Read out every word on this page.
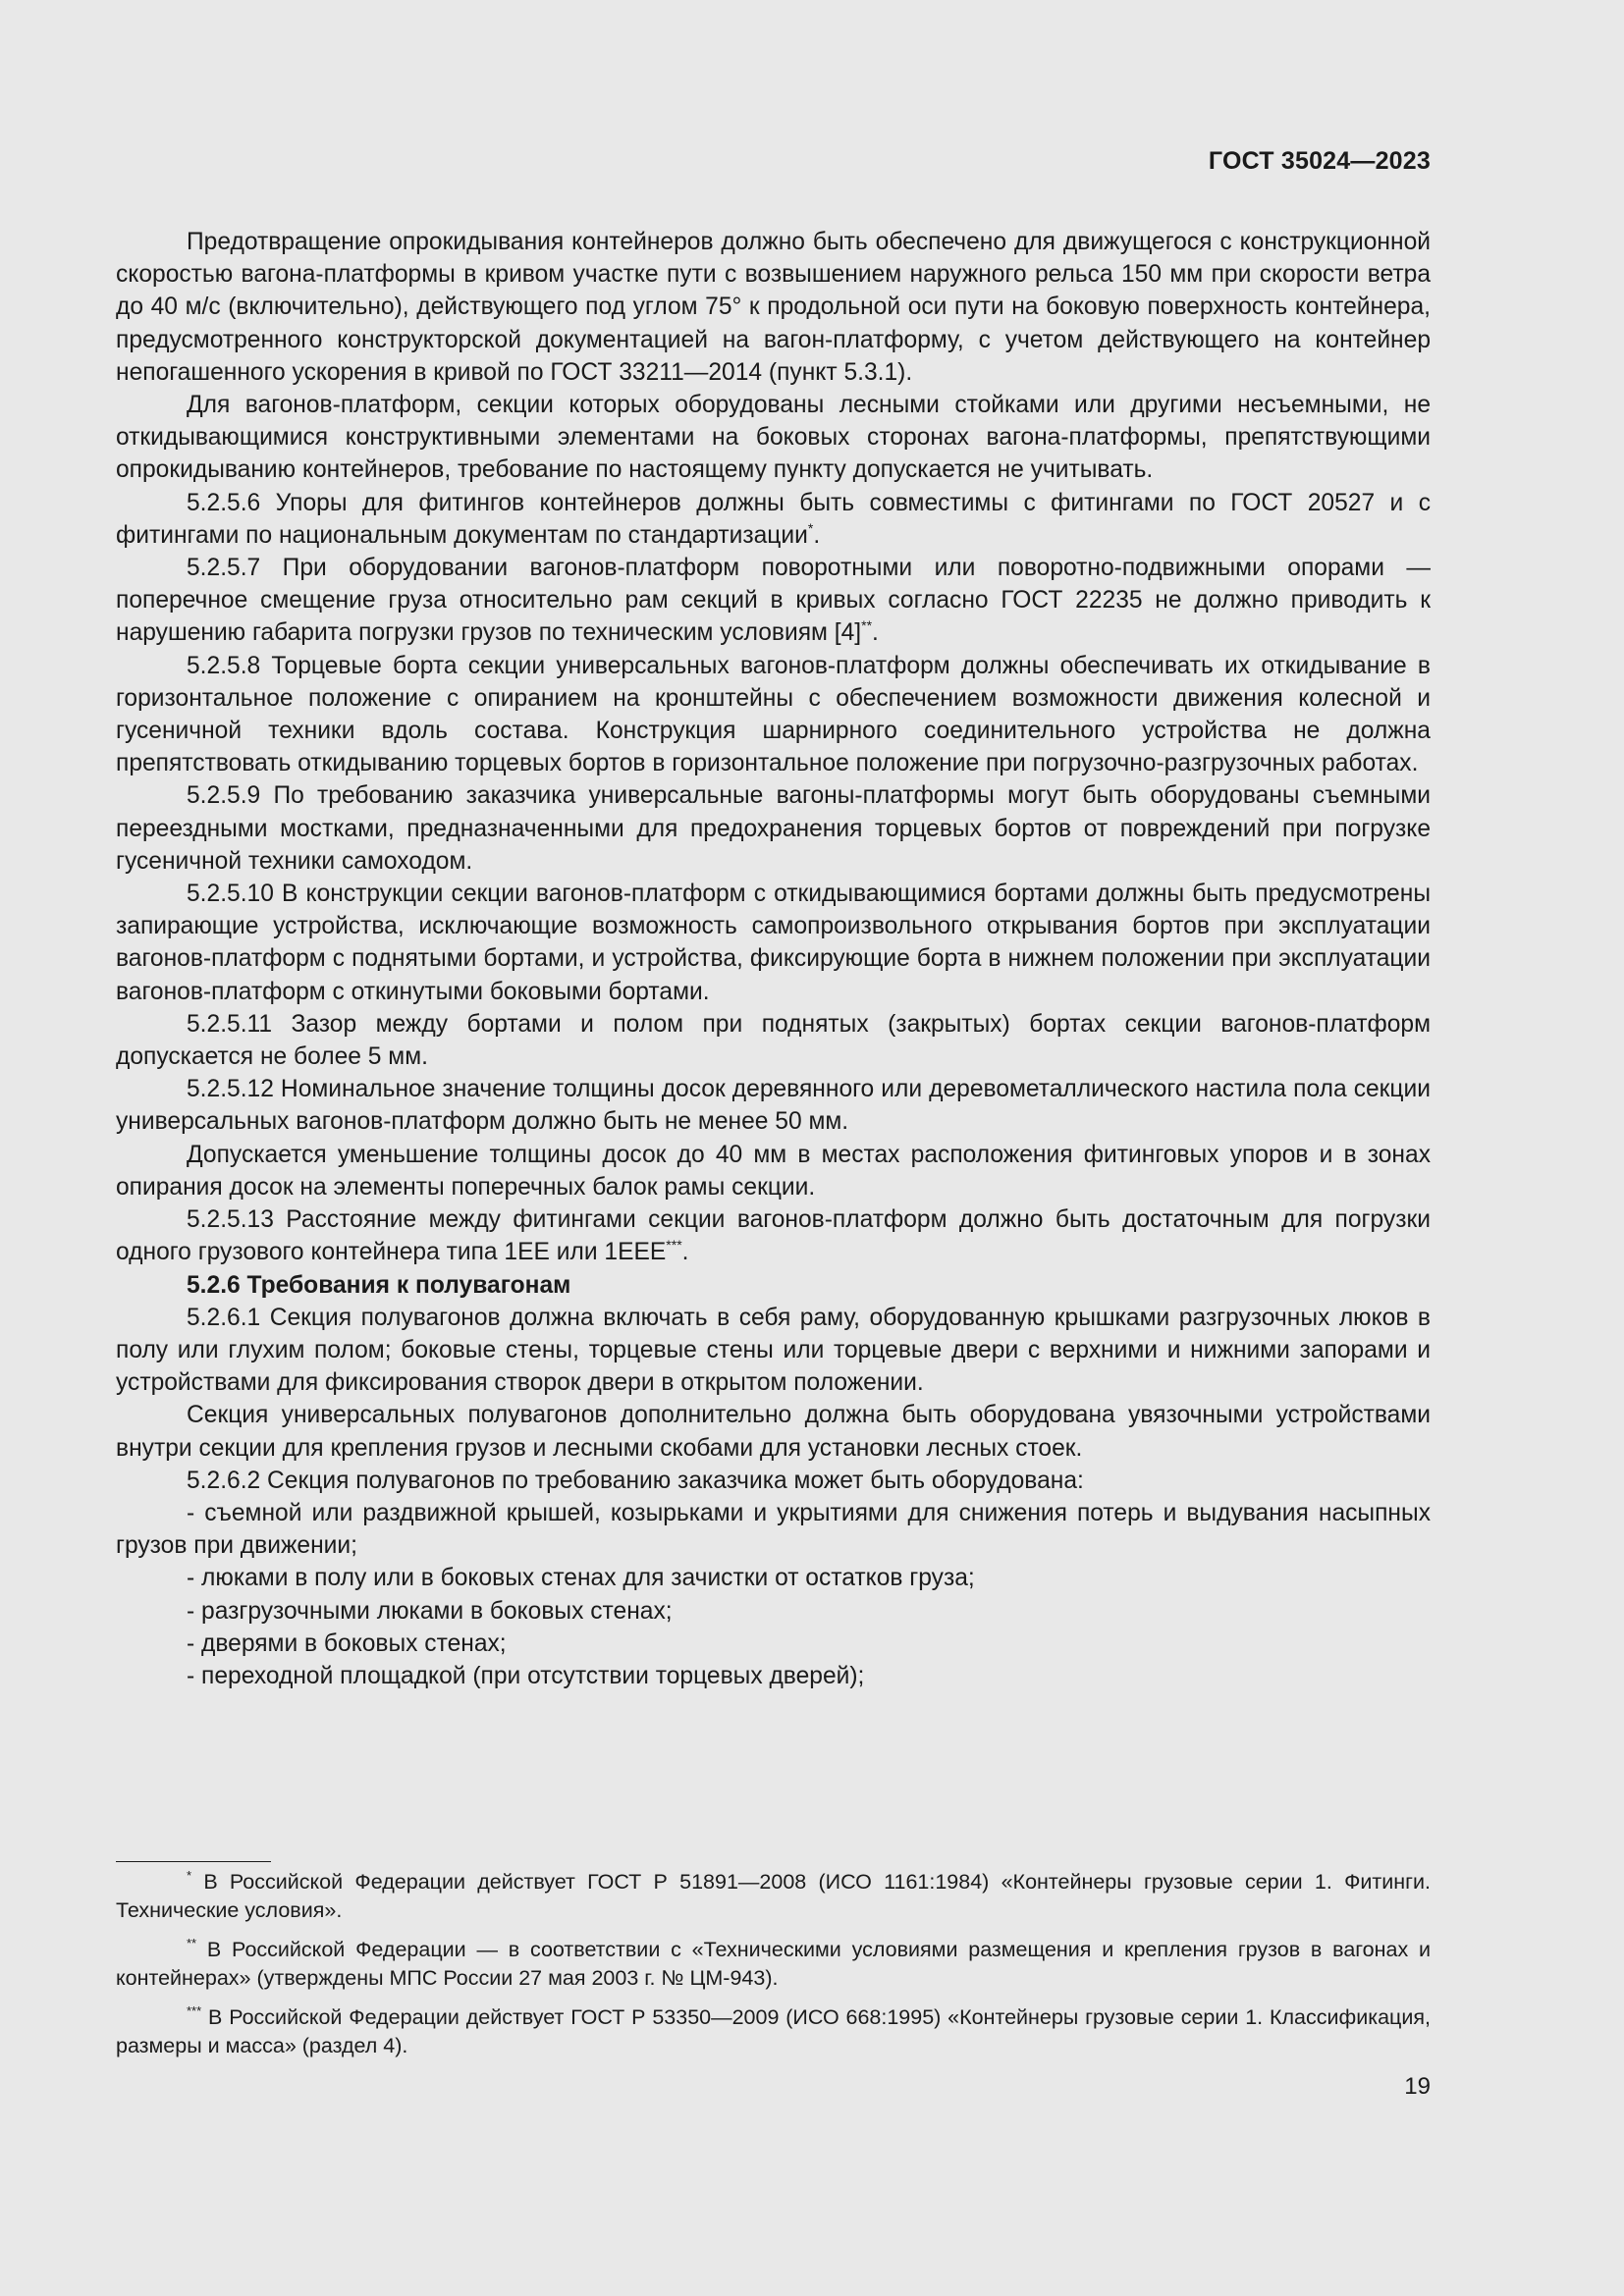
ГОСТ 35024—2023

Предотвращение опрокидывания контейнеров должно быть обеспечено для движущегося с конструкционной скоростью вагона-платформы в кривом участке пути с возвышением наружного рельса 150 мм при скорости ветра до 40 м/с (включительно), действующего под углом 75° к продольной оси пути на боковую поверхность контейнера, предусмотренного конструкторской документацией на вагон-платформу, с учетом действующего на контейнер непогашенного ускорения в кривой по ГОСТ 33211—2014 (пункт 5.3.1).

Для вагонов-платформ, секции которых оборудованы лесными стойками или другими несъемными, не откидывающимися конструктивными элементами на боковых сторонах вагона-платформы, препятствующими опрокидыванию контейнеров, требование по настоящему пункту допускается не учитывать.

5.2.5.6 Упоры для фитингов контейнеров должны быть совместимы с фитингами по ГОСТ 20527 и с фитингами по национальным документам по стандартизации*.

5.2.5.7 При оборудовании вагонов-платформ поворотными или поворотно-подвижными опорами — поперечное смещение груза относительно рам секций в кривых согласно ГОСТ 22235 не должно приводить к нарушению габарита погрузки грузов по техническим условиям [4]**.

5.2.5.8 Торцевые борта секции универсальных вагонов-платформ должны обеспечивать их откидывание в горизонтальное положение с опиранием на кронштейны с обеспечением возможности движения колесной и гусеничной техники вдоль состава. Конструкция шарнирного соединительного устройства не должна препятствовать откидыванию торцевых бортов в горизонтальное положение при погрузочно-разгрузочных работах.

5.2.5.9 По требованию заказчика универсальные вагоны-платформы могут быть оборудованы съемными переездными мостками, предназначенными для предохранения торцевых бортов от повреждений при погрузке гусеничной техники самоходом.

5.2.5.10 В конструкции секции вагонов-платформ с откидывающимися бортами должны быть предусмотрены запирающие устройства, исключающие возможность самопроизвольного открывания бортов при эксплуатации вагонов-платформ с поднятыми бортами, и устройства, фиксирующие борта в нижнем положении при эксплуатации вагонов-платформ с откинутыми боковыми бортами.

5.2.5.11 Зазор между бортами и полом при поднятых (закрытых) бортах секции вагонов-платформ допускается не более 5 мм.

5.2.5.12 Номинальное значение толщины досок деревянного или деревометаллического настила пола секции универсальных вагонов-платформ должно быть не менее 50 мм.

Допускается уменьшение толщины досок до 40 мм в местах расположения фитинговых упоров и в зонах опирания досок на элементы поперечных балок рамы секции.

5.2.5.13 Расстояние между фитингами секции вагонов-платформ должно быть достаточным для погрузки одного грузового контейнера типа 1ЕЕ или 1ЕЕЕ***.

5.2.6 Требования к полувагонам

5.2.6.1 Секция полувагонов должна включать в себя раму, оборудованную крышками разгрузочных люков в полу или глухим полом; боковые стены, торцевые стены или торцевые двери с верхними и нижними запорами и устройствами для фиксирования створок двери в открытом положении.

Секция универсальных полувагонов дополнительно должна быть оборудована увязочными устройствами внутри секции для крепления грузов и лесными скобами для установки лесных стоек.

5.2.6.2 Секция полувагонов по требованию заказчика может быть оборудована:

- съемной или раздвижной крышей, козырьками и укрытиями для снижения потерь и выдувания насыпных грузов при движении;

- люками в полу или в боковых стенах для зачистки от остатков груза;

- разгрузочными люками в боковых стенах;

- дверями в боковых стенах;

- переходной площадкой (при отсутствии торцевых дверей);

* В Российской Федерации действует ГОСТ Р 51891—2008 (ИСО 1161:1984) «Контейнеры грузовые серии 1. Фитинги. Технические условия».

** В Российской Федерации — в соответствии с «Техническими условиями размещения и крепления грузов в вагонах и контейнерах» (утверждены МПС России 27 мая 2003 г. № ЦМ-943).

*** В Российской Федерации действует ГОСТ Р 53350—2009 (ИСО 668:1995) «Контейнеры грузовые серии 1. Классификация, размеры и масса» (раздел 4).

19
